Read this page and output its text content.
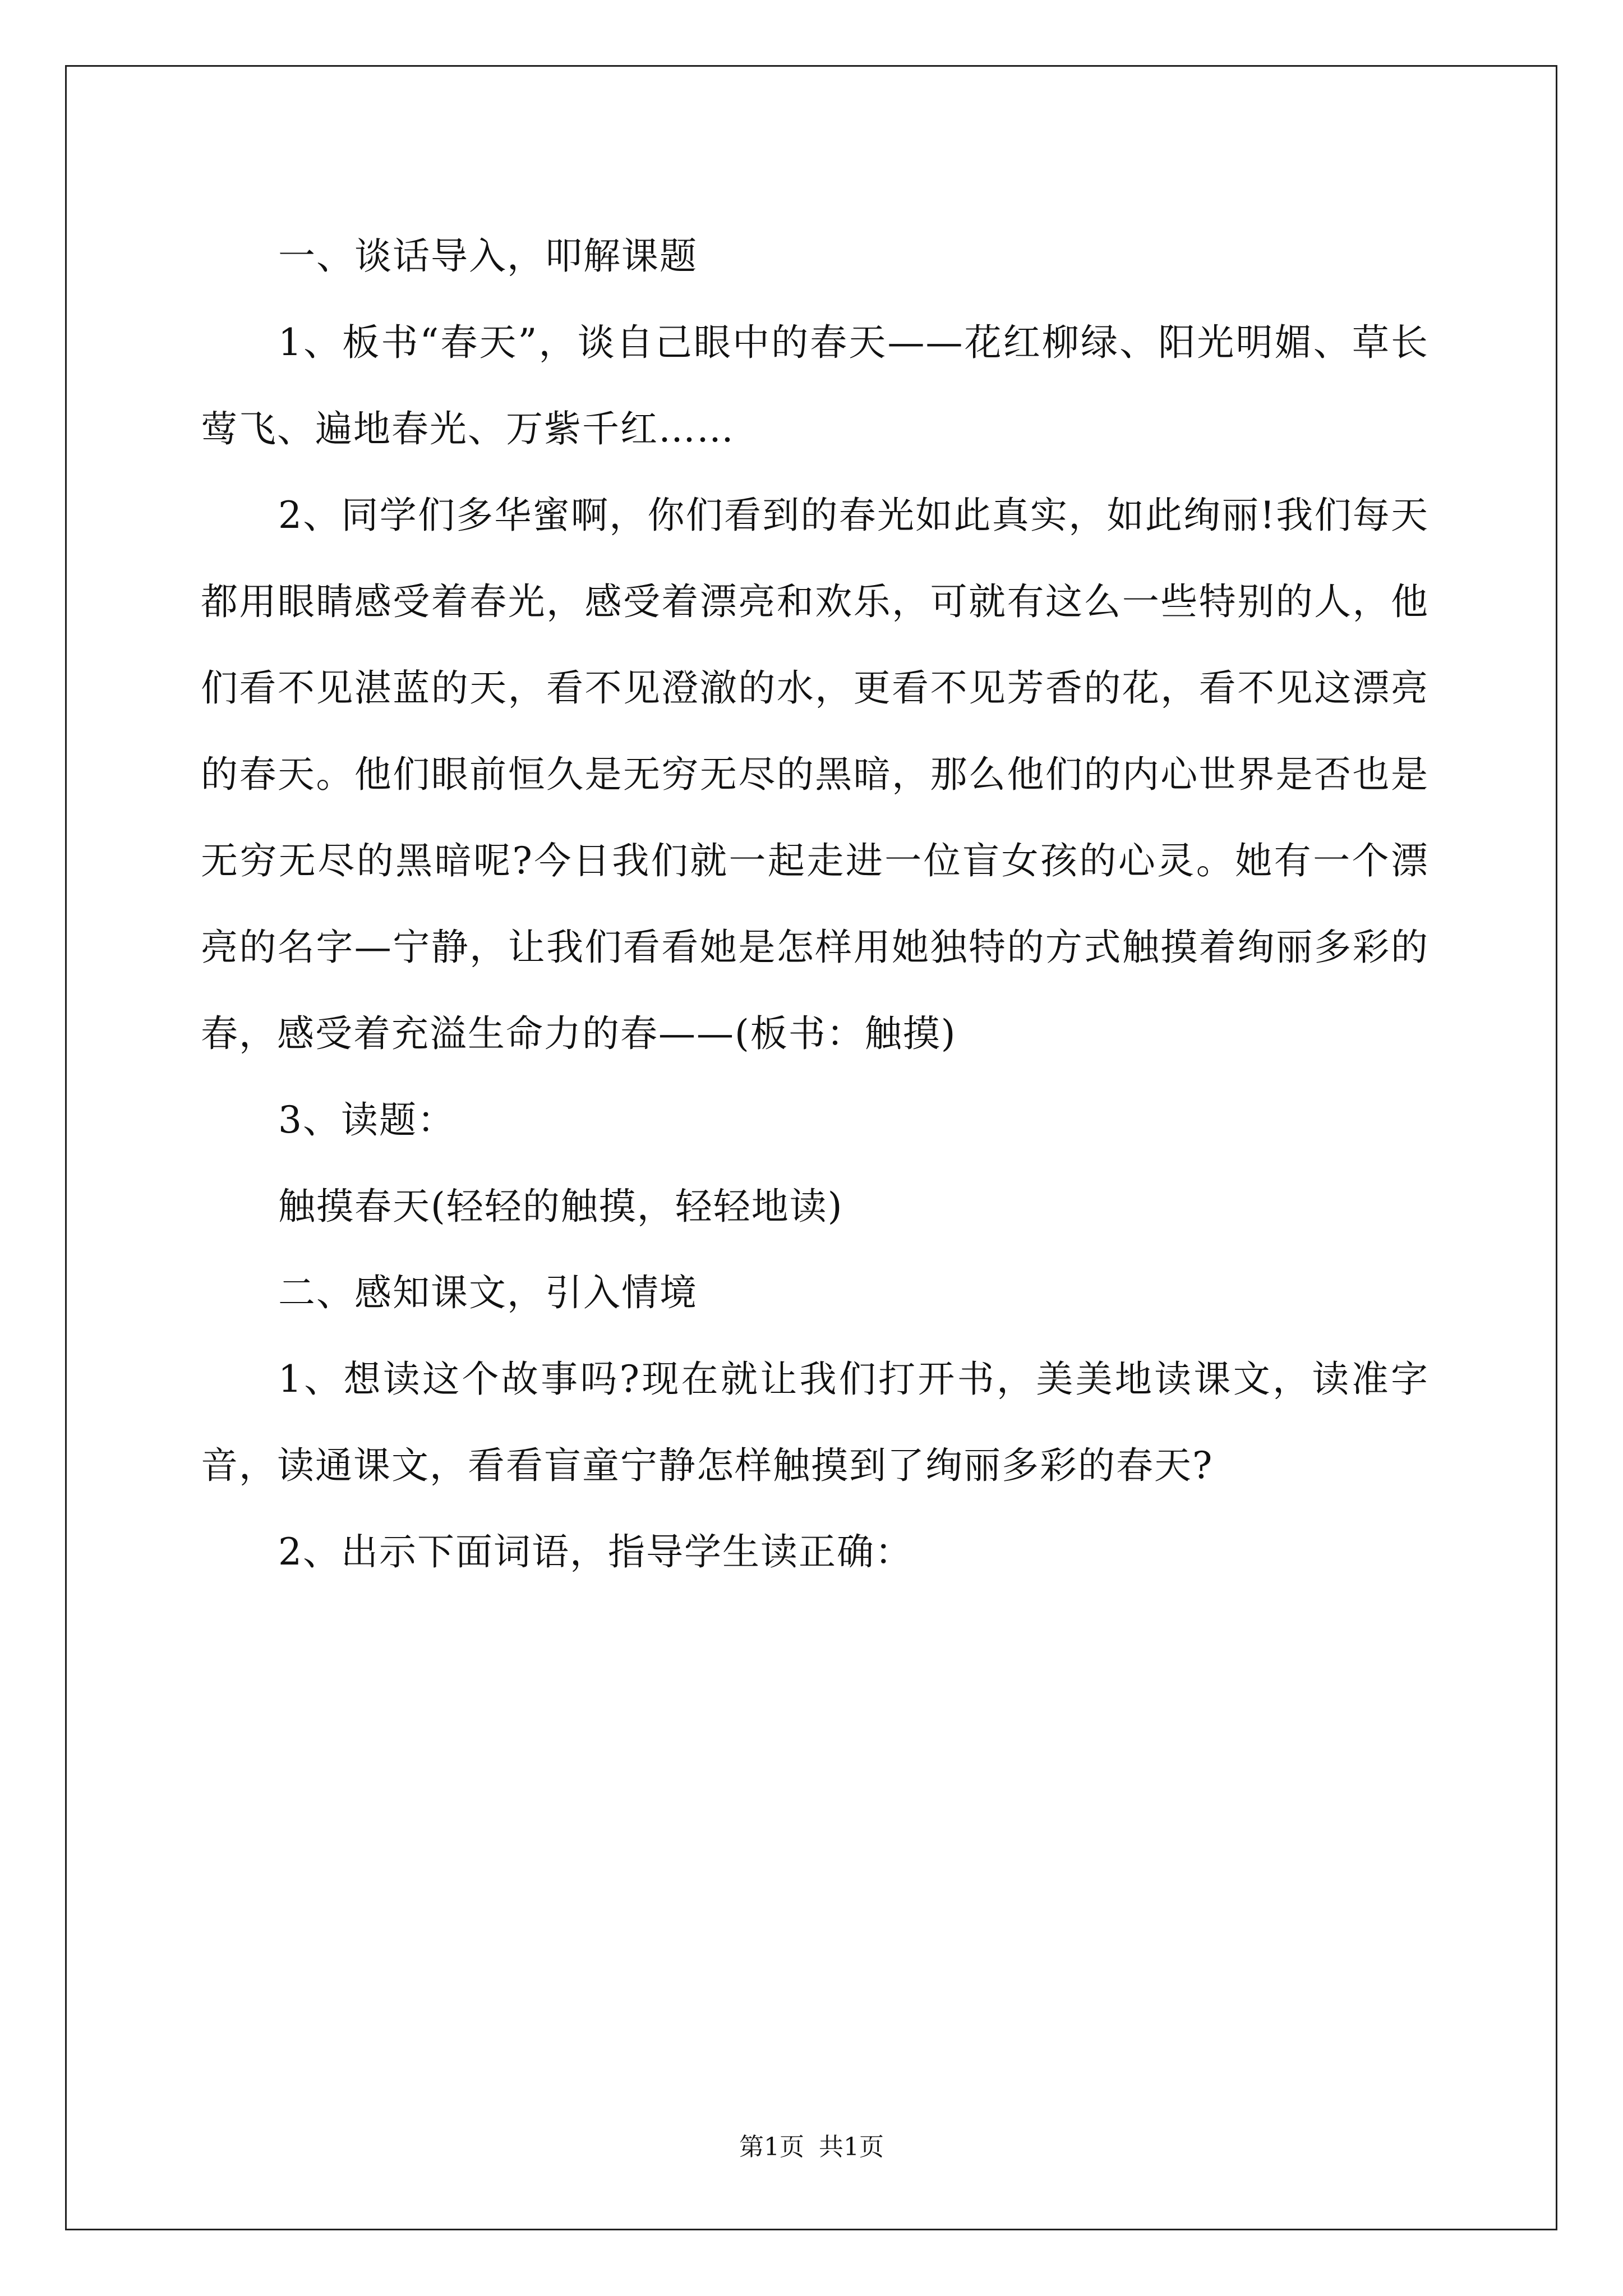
一、谈话导入，叩解课题

1、板书“春天”，谈自己眼中的春天——花红柳绿、阳光明媚、草长莺飞、遍地春光、万紫千红……

2、同学们多华蜜啊，你们看到的春光如此真实，如此绚丽!我们每天都用眼睛感受着春光，感受着漂亮和欢乐，可就有这么一些特别的人，他们看不见湛蓝的天，看不见澄澈的水，更看不见芳香的花，看不见这漂亮的春天。他们眼前恒久是无穷无尽的黑暗，那么他们的内心世界是否也是无穷无尽的黑暗呢?今日我们就一起走进一位盲女孩的心灵。她有一个漂亮的名字—宁静，让我们看看她是怎样用她独特的方式触摸着绚丽多彩的春，感受着充溢生命力的春——(板书：触摸)

3、读题：

触摸春天(轻轻的触摸，轻轻地读)

二、感知课文，引入情境

1、想读这个故事吗?现在就让我们打开书，美美地读课文，读准字音，读通课文，看看盲童宁静怎样触摸到了绚丽多彩的春天?

2、出示下面词语，指导学生读正确：

第1页 共1页
